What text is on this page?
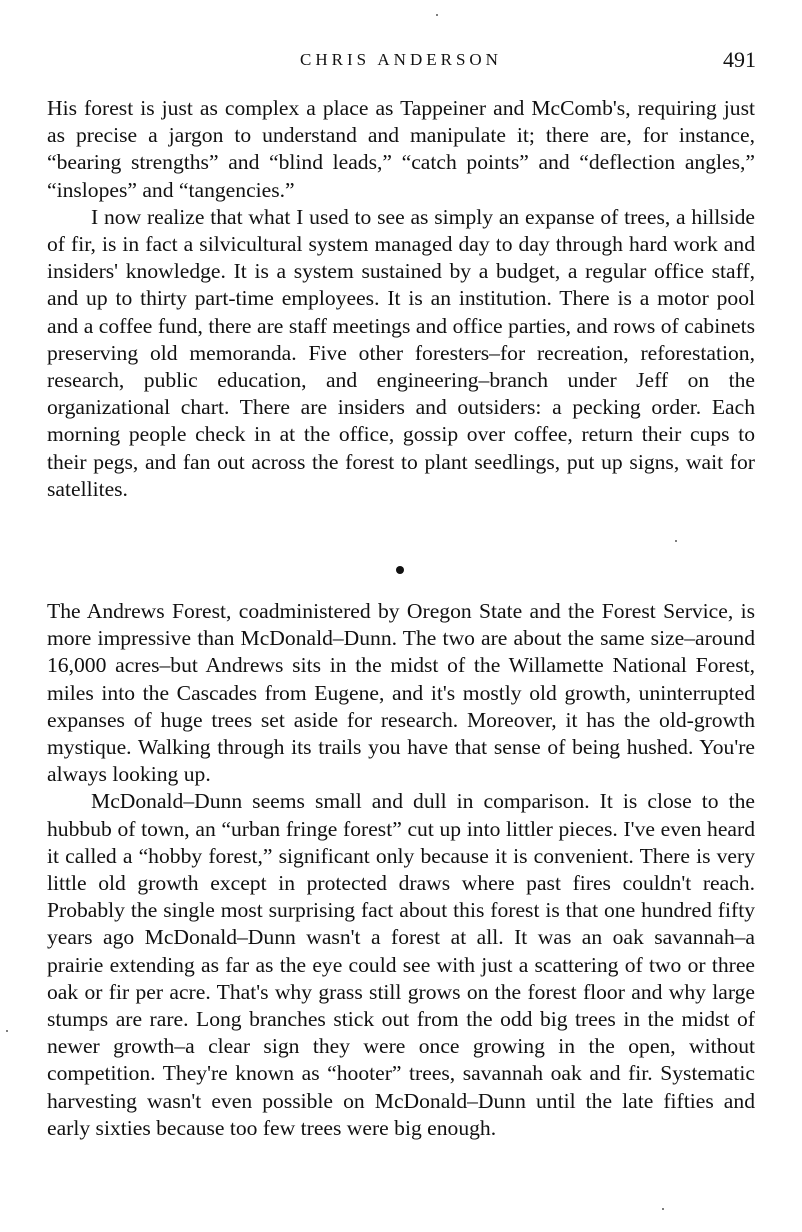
CHRIS ANDERSON	491

His forest is just as complex a place as Tappeiner and McComb's, requiring just as precise a jargon to understand and manipulate it; there are, for instance, “bearing strengths” and “blind leads,” “catch points” and “deflection angles,” “inslopes” and “tangencies.”

I now realize that what I used to see as simply an expanse of trees, a hillside of fir, is in fact a silvicultural system managed day to day through hard work and insiders' knowledge. It is a system sustained by a budget, a regular office staff, and up to thirty part-time employees. It is an institution. There is a motor pool and a coffee fund, there are staff meetings and office parties, and rows of cabinets preserving old memoranda. Five other foresters–for recreation, reforestation, research, public education, and engineering–branch under Jeff on the organizational chart. There are insiders and outsiders: a pecking order. Each morning people check in at the office, gossip over coffee, return their cups to their pegs, and fan out across the forest to plant seedlings, put up signs, wait for satellites.

The Andrews Forest, coadministered by Oregon State and the Forest Service, is more impressive than McDonald–Dunn. The two are about the same size–around 16,000 acres–but Andrews sits in the midst of the Willamette National Forest, miles into the Cascades from Eugene, and it's mostly old growth, uninterrupted expanses of huge trees set aside for research. Moreover, it has the old-growth mystique. Walking through its trails you have that sense of being hushed. You're always looking up.

McDonald–Dunn seems small and dull in comparison. It is close to the hubbub of town, an “urban fringe forest” cut up into littler pieces. I've even heard it called a “hobby forest,” significant only because it is convenient. There is very little old growth except in protected draws where past fires couldn't reach. Probably the single most surprising fact about this forest is that one hundred fifty years ago McDonald–Dunn wasn't a forest at all. It was an oak savannah–a prairie extending as far as the eye could see with just a scattering of two or three oak or fir per acre. That's why grass still grows on the forest floor and why large stumps are rare. Long branches stick out from the odd big trees in the midst of newer growth–a clear sign they were once growing in the open, without competition. They're known as “hooter” trees, savannah oak and fir. Systematic harvesting wasn't even possible on McDonald–Dunn until the late fifties and early sixties because too few trees were big enough.
